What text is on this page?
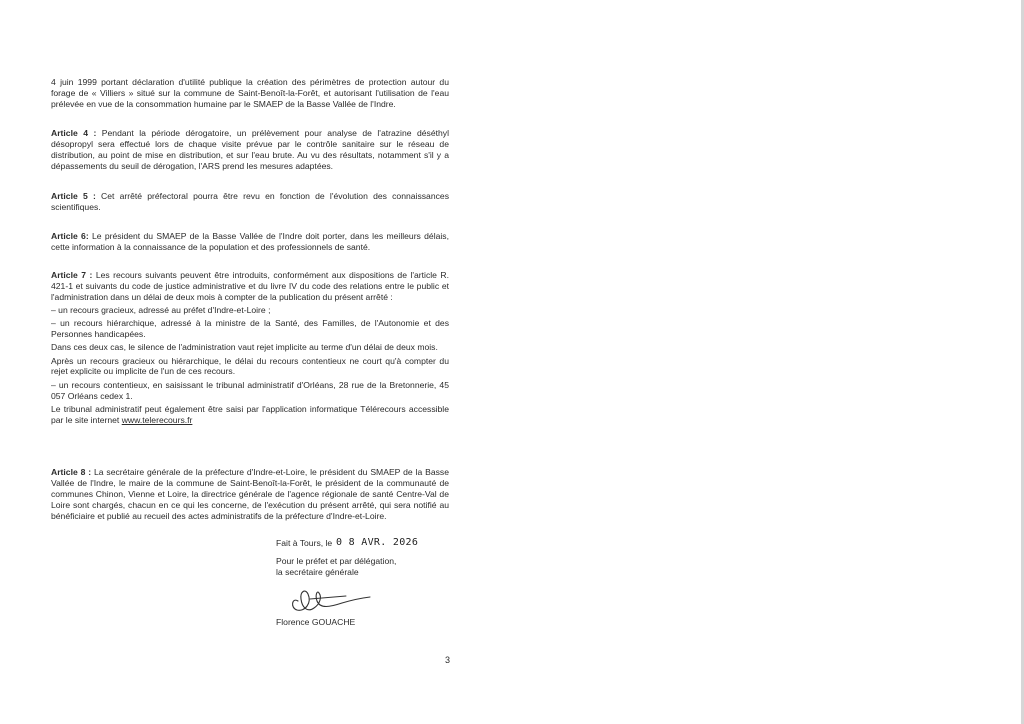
4 juin 1999 portant déclaration d'utilité publique la création des périmètres de protection autour du forage de « Villiers » situé sur la commune de Saint-Benoît-la-Forêt, et autorisant l'utilisation de l'eau prélevée en vue de la consommation humaine par le SMAEP de la Basse Vallée de l'Indre.

Article 4 : Pendant la période dérogatoire, un prélèvement pour analyse de l'atrazine déséthyl désopropyl sera effectué lors de chaque visite prévue par le contrôle sanitaire sur le réseau de distribution, au point de mise en distribution, et sur l'eau brute. Au vu des résultats, notamment s'il y a dépassements du seuil de dérogation, l'ARS prend les mesures adaptées.

Article 5 : Cet arrêté préfectoral pourra être revu en fonction de l'évolution des connaissances scientifiques.

Article 6: Le président du SMAEP de la Basse Vallée de l'Indre doit porter, dans les meilleurs délais, cette information à la connaissance de la population et des professionnels de santé.

Article 7 : Les recours suivants peuvent être introduits, conformément aux dispositions de l'article R. 421-1 et suivants du code de justice administrative et du livre IV du code des relations entre le public et l'administration dans un délai de deux mois à compter de la publication du présent arrêté :

– un recours gracieux, adressé au préfet d'Indre-et-Loire ;

– un recours hiérarchique, adressé à la ministre de la Santé, des Familles, de l'Autonomie et des Personnes handicapées.

Dans ces deux cas, le silence de l'administration vaut rejet implicite au terme d'un délai de deux mois.

Après un recours gracieux ou hiérarchique, le délai du recours contentieux ne court qu'à compter du rejet explicite ou implicite de l'un de ces recours.

– un recours contentieux, en saisissant le tribunal administratif d'Orléans, 28 rue de la Bretonnerie, 45 057 Orléans cedex 1.

Le tribunal administratif peut également être saisi par l'application informatique Télérecours accessible par le site internet www.telerecours.fr

Article 8 : La secrétaire générale de la préfecture d'Indre-et-Loire, le président du SMAEP de la Basse Vallée de l'Indre, le maire de la commune de Saint-Benoît-la-Forêt, le président de la communauté de communes Chinon, Vienne et Loire, la directrice générale de l'agence régionale de santé Centre-Val de Loire sont chargés, chacun en ce qui les concerne, de l'exécution du présent arrêté, qui sera notifié au bénéficiaire et publié au recueil des actes administratifs de la préfecture d'Indre-et-Loire.

Fait à Tours, le 0 8 AVR. 2026
Pour le préfet et par délégation,
la secrétaire générale
Florence GOUACHE
3
